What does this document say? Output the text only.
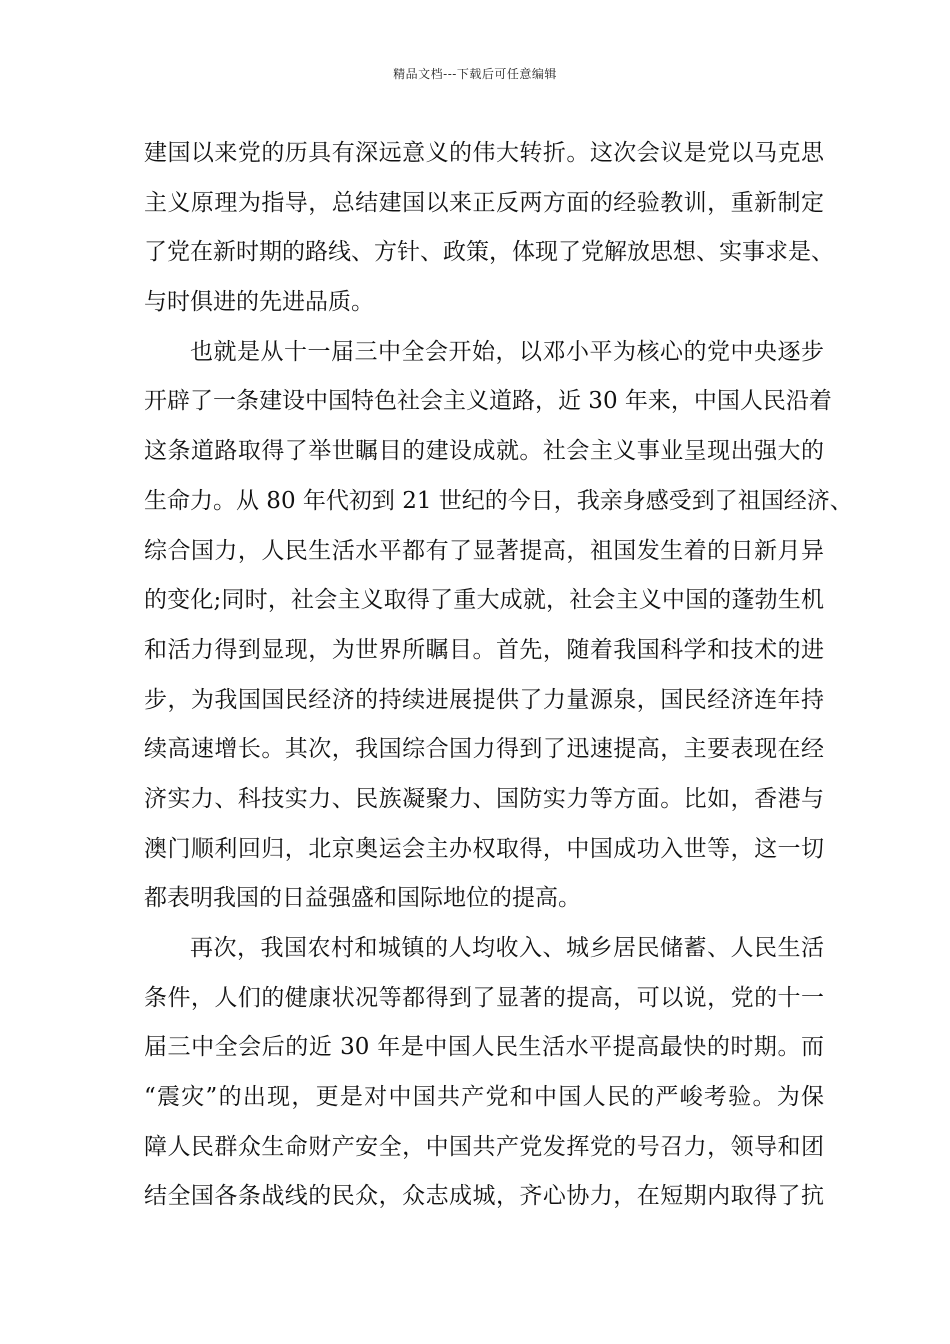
精品文档---下载后可任意编辑
建国以来党的历具有深远意义的伟大转折。这次会议是党以马克思
主义原理为指导，总结建国以来正反两方面的经验教训，重新制定
了党在新时期的路线、方针、政策，体现了党解放思想、实事求是、
与时俱进的先进品质。
也就是从十一届三中全会开始，以邓小平为核心的党中央逐步
开辟了一条建设中国特色社会主义道路，近 30 年来，中国人民沿着
这条道路取得了举世瞩目的建设成就。社会主义事业呈现出强大的
生命力。从 80 年代初到 21 世纪的今日，我亲身感受到了祖国经济、
综合国力，人民生活水平都有了显著提高，祖国发生着的日新月异
的变化;同时，社会主义取得了重大成就，社会主义中国的蓬勃生机
和活力得到显现，为世界所瞩目。首先，随着我国科学和技术的进
步，为我国国民经济的持续进展提供了力量源泉，国民经济连年持
续高速增长。其次，我国综合国力得到了迅速提高，主要表现在经
济实力、科技实力、民族凝聚力、国防实力等方面。比如，香港与
澳门顺利回归，北京奥运会主办权取得，中国成功入世等，这一切
都表明我国的日益强盛和国际地位的提高。
再次，我国农村和城镇的人均收入、城乡居民储蓄、人民生活
条件，人们的健康状况等都得到了显著的提高，可以说，党的十一
届三中全会后的近 30 年是中国人民生活水平提高最快的时期。而
“震灾”的出现，更是对中国共产党和中国人民的严峻考验。为保
障人民群众生命财产安全，中国共产党发挥党的号召力，领导和团
结全国各条战线的民众，众志成城，齐心协力，在短期内取得了抗
